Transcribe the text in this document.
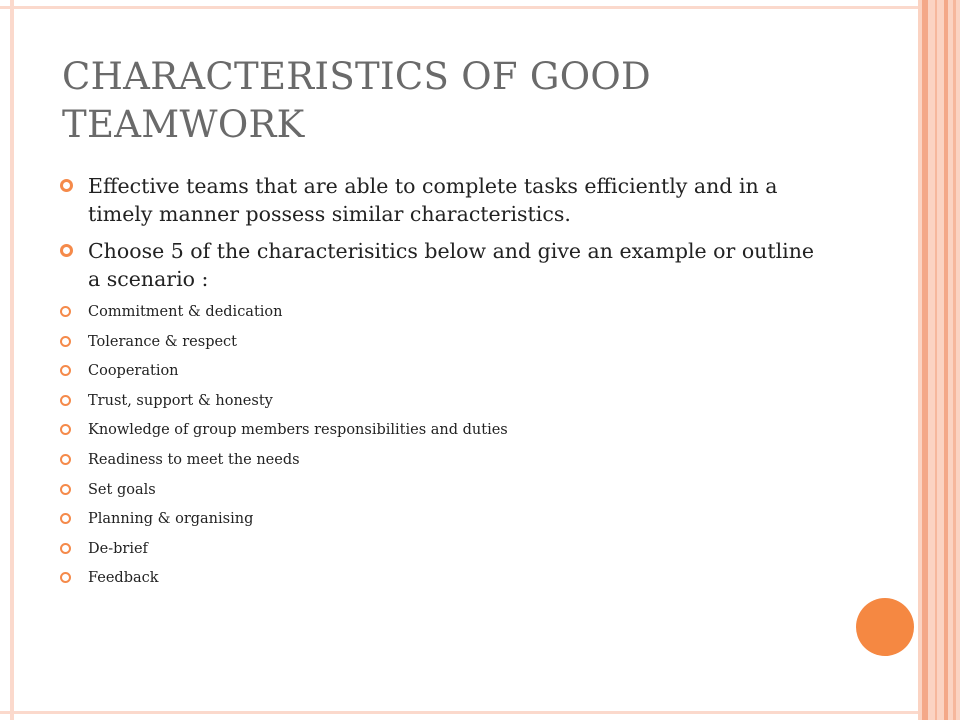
CHARACTERISTICS OF GOOD TEAMWORK
Effective teams that are able to complete tasks efficiently and in a timely manner possess similar characteristics.
Choose 5 of the characterisitics below and give an example or outline a scenario :
Commitment & dedication
Tolerance & respect
Cooperation
Trust, support & honesty
Knowledge of group members responsibilities and duties
Readiness to meet the needs
Set goals
Planning & organising
De-brief
Feedback
